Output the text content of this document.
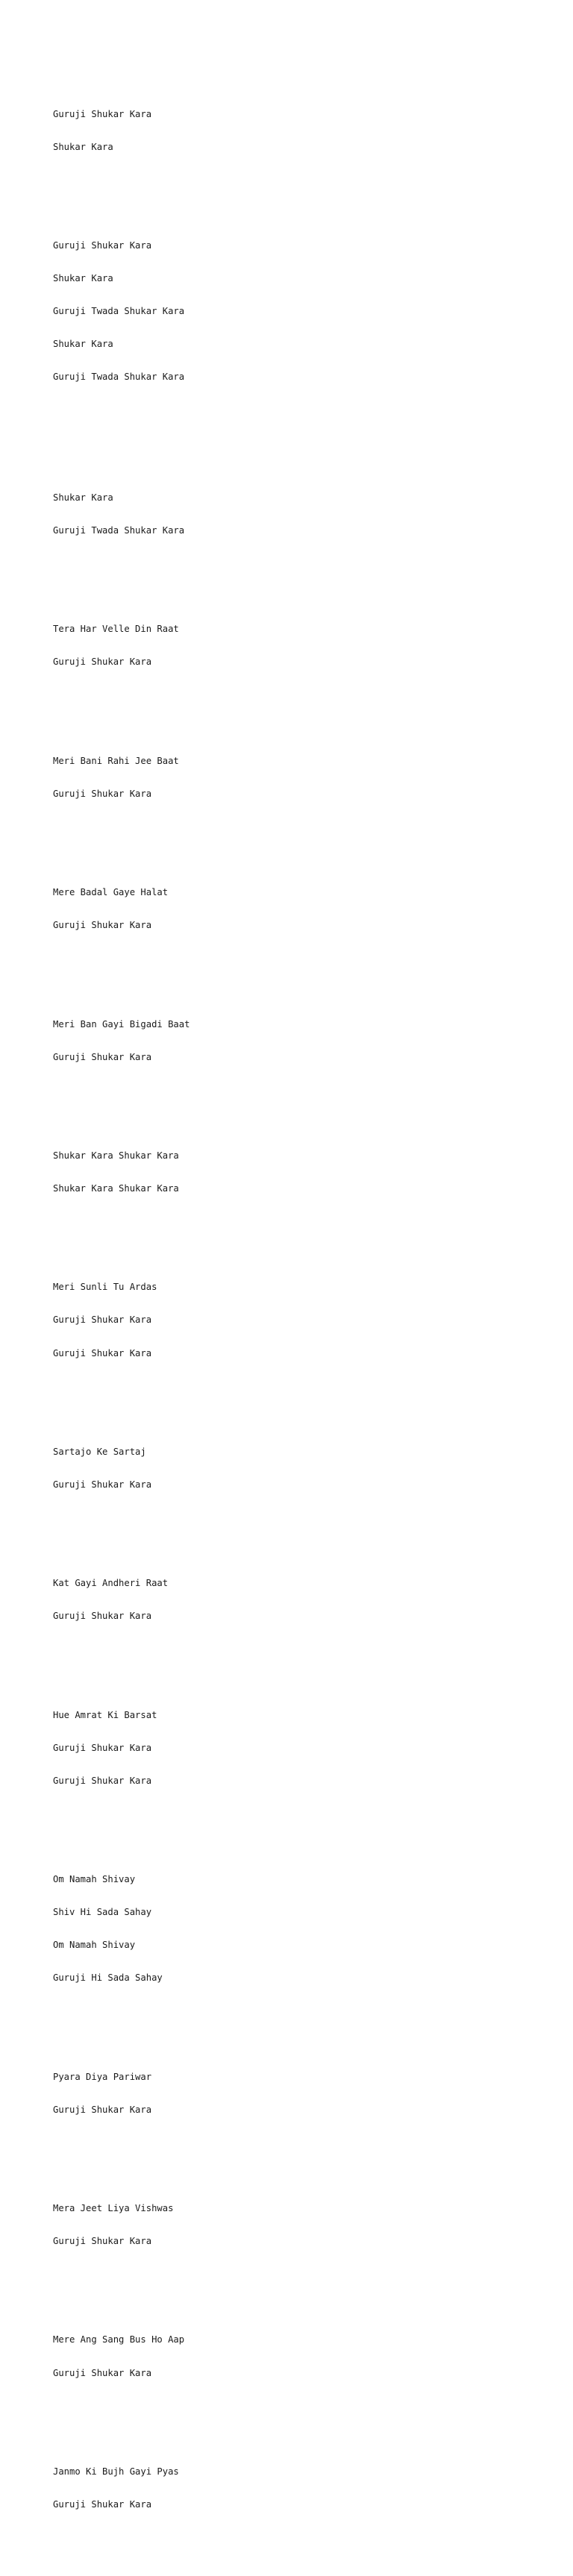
Guruji Shukar Kara

Shukar Kara

Guruji Shukar Kara

Shukar Kara

Guruji Twada Shukar Kara

Shukar Kara

Guruji Twada Shukar Kara

Shukar Kara

Guruji Twada Shukar Kara

Tera Har Velle Din Raat

Guruji Shukar Kara

Meri Bani Rahi Jee Baat

Guruji Shukar Kara

Mere Badal Gaye Halat

Guruji Shukar Kara

Meri Ban Gayi Bigadi Baat

Guruji Shukar Kara

Shukar Kara Shukar Kara

Shukar Kara Shukar Kara

Meri Sunli Tu Ardas

Guruji Shukar Kara

Guruji Shukar Kara

Sartajo Ke Sartaj

Guruji Shukar Kara

Kat Gayi Andheri Raat

Guruji Shukar Kara

Hue Amrat Ki Barsat

Guruji Shukar Kara

Guruji Shukar Kara

Om Namah Shivay

Shiv Hi Sada Sahay

Om Namah Shivay

Guruji Hi Sada Sahay

Pyara Diya Pariwar

Guruji Shukar Kara

Mera Jeet Liya Vishwas

Guruji Shukar Kara

Mere Ang Sang Bus Ho Aap

Guruji Shukar Kara

Janmo Ki Bujh Gayi Pyas

Guruji Shukar Kara
